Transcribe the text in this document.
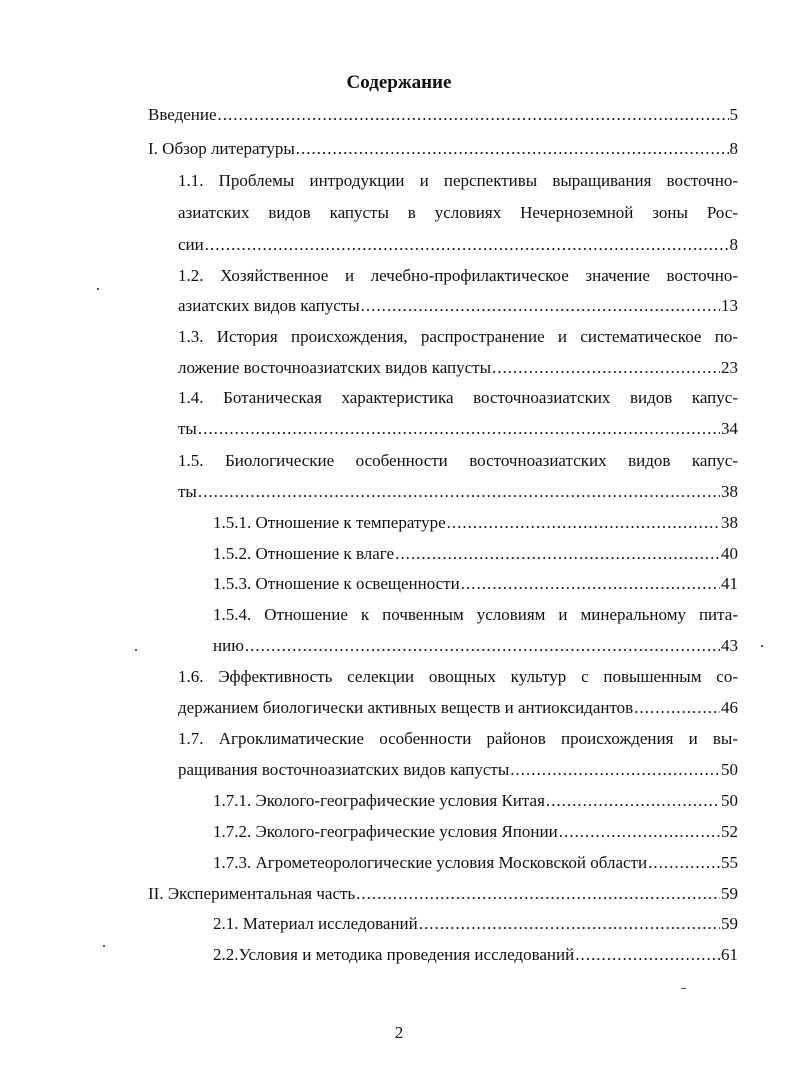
Содержание
Введение .....	5
I. Обзор литературы .....	8
1.1. Проблемы интродукции и перспективы выращивания восточно-
азиатских видов капусты в условиях Нечерноземной зоны Рос-
сии .....	8
1.2. Хозяйственное и лечебно-профилактическое значение восточно-
азиатских видов капусты .....	13
1.3. История происхождения, распространение и систематическое по-
ложение восточноазиатских видов капусты .....	23
1.4. Ботаническая характеристика восточноазиатских видов капус-
ты .....	34
1.5. Биологические особенности восточноазиатских видов капус-
ты .....	38
1.5.1. Отношение к температуре .....	38
1.5.2. Отношение к влаге .....	40
1.5.3. Отношение к освещенности .....	41
1.5.4. Отношение к почвенным условиям и минеральному пита-
нию .....	43
1.6. Эффективность селекции овощных культур с повышенным со-
держанием биологически активных веществ и антиоксидантов .....	46
1.7. Агроклиматические особенности районов происхождения и вы-
ращивания восточноазиатских видов капусты .....	50
1.7.1. Эколого-географические условия Китая .....	50
1.7.2. Эколого-географические условия Японии .....	52
1.7.3. Агрометеорологические условия Московской области .....	55
II. Экспериментальная часть .....	59
2.1. Материал исследований .....	59
2.2.Условия и методика проведения исследований .....	61
2
